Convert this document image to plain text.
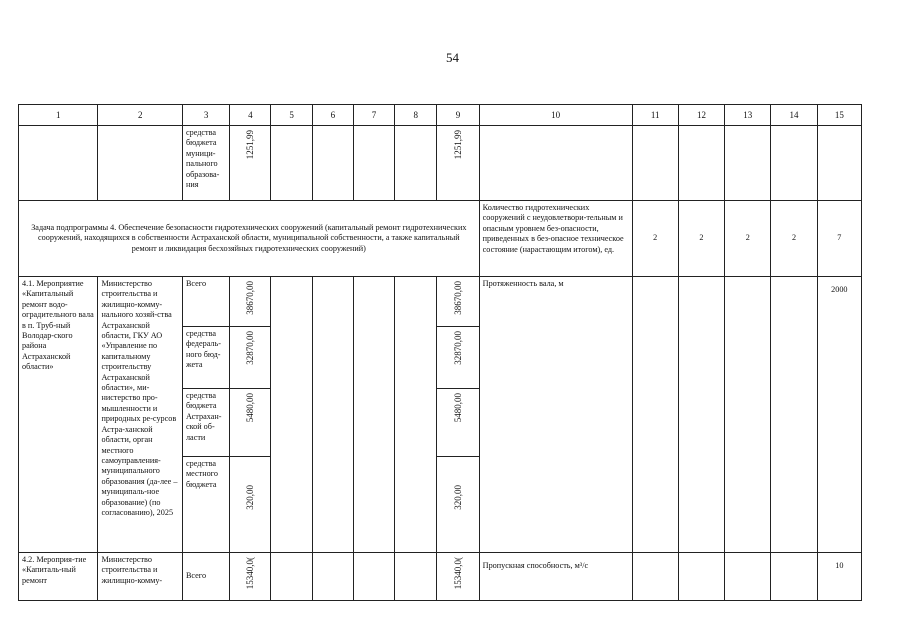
54
1	2	3	4	5	6	7	8	9	10	11	12	13	14	15
		средства бюджета муници-пального образова-ния	1251,99					1251,99						
Задача подпрограммы 4. Обеспечение безопасности гидротехнических сооружений (капитальный ремонт гидротехнических сооружений, находящихся в собственности Астраханской области, муниципальной собственности, а также капитальный ремонт и ликвидация бесхозяйных гидротехнических сооружений)									Количество гидротехнических сооружений с неудовлетвори-тельным и опасным уровнем без-опасности, приведенных в без-опасное техническое состояние (нарастающим итогом), ед.	2	2	2	2	7
4.1. Мероприятие «Капитальный ремонт водо-оградительного вала в п. Труб-ный Володар-ского района Астраханской области»	Министерство строительства и жилищно-комму-нального хозяй-ства Астраханской области, ГКУ АО «Управление по капитальному строительству Астраханской области», ми-нистерство про-мышленности и природных ре-сурсов Астра-ханской области, орган местного самоуправления-муниципального образования (да-лее – муниципаль-ное образование) (по согласованию), 2025	Всего	38670,00					38670,00	Протяженность вала, м					2000
		средства федераль-ного бюд-жета	32870,00					32870,00						
		средства бюджета Астрахан-ской об-ласти	5480,00					5480,00						
		средства местного бюджета	320,00					320,00						
4.2. Мероприя-тие «Капиталь-ный ремонт	Министерство строительства и жилищно-комму-	Всего	15340,0(					15340,0(	Пропускная способность, м³/с					10
